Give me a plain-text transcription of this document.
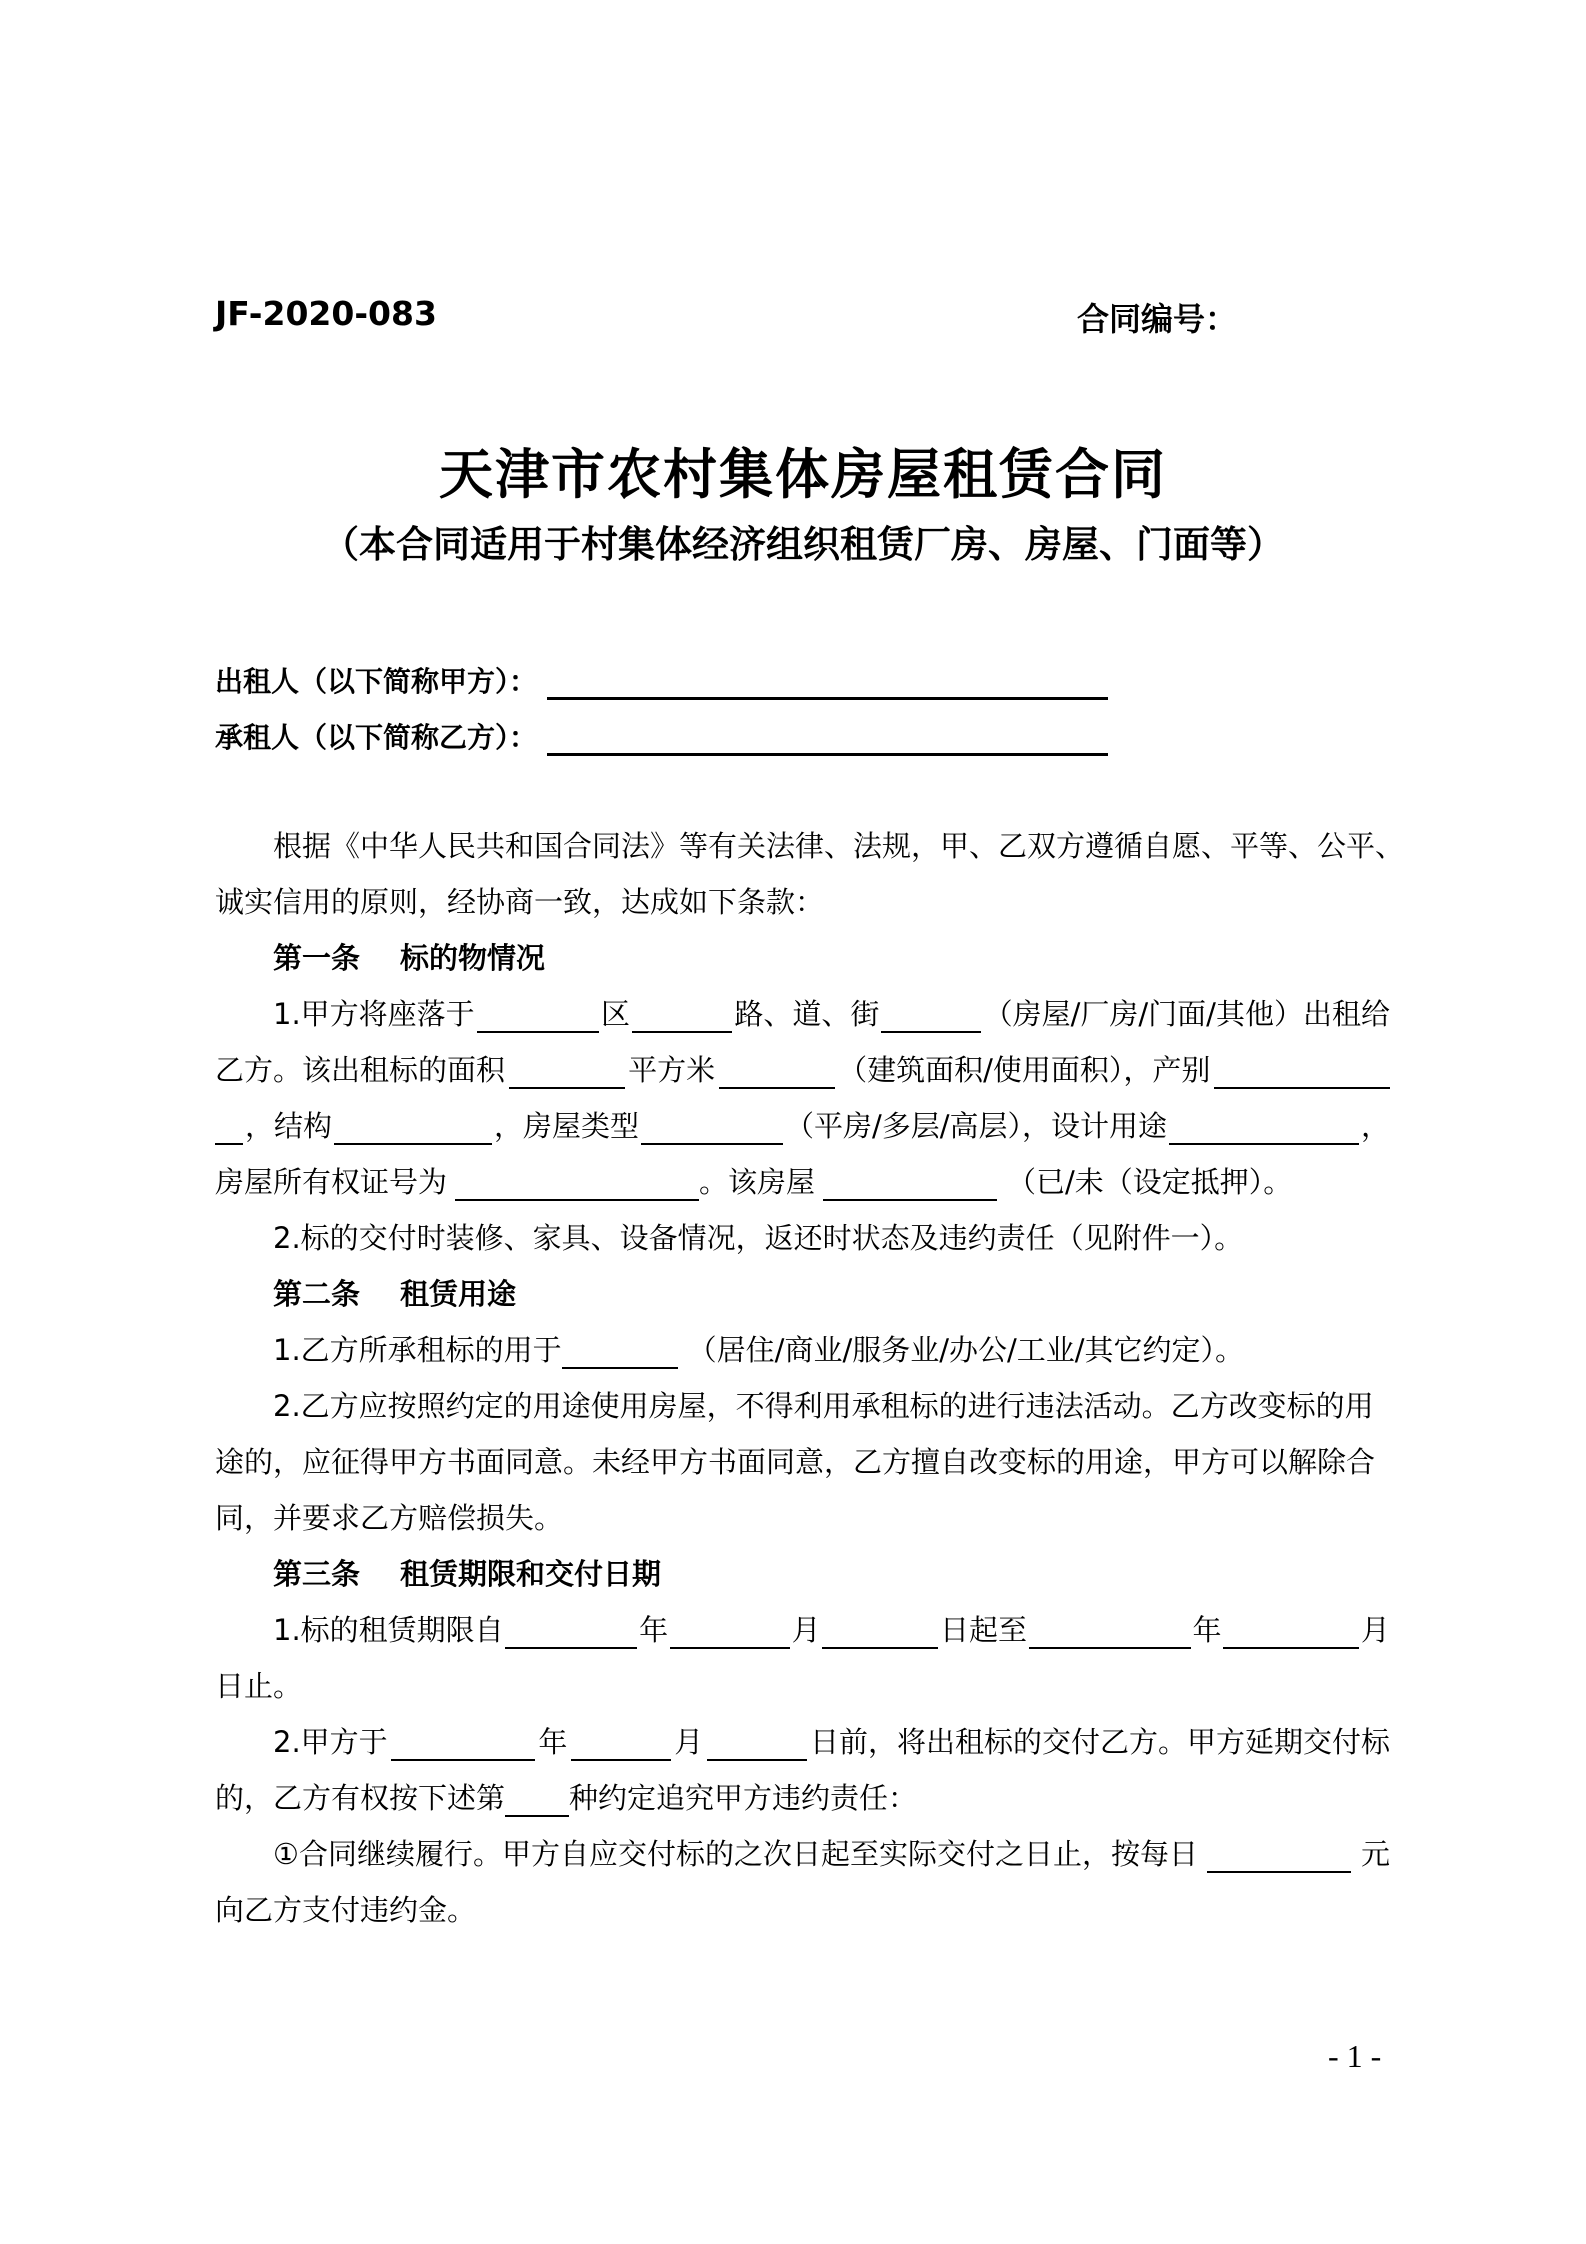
JF-2020-083	合同编号：
天津市农村集体房屋租赁合同
（本合同适用于村集体经济组织租赁厂房、房屋、门面等）
出租人（以下简称甲方）：
承租人（以下简称乙方）：
根据《中华人民共和国合同法》等有关法律、法规，甲、乙双方遵循自愿、平等、公平、
诚实信用的原则，经协商一致，达成如下条款：
第一条 标的物情况
1.甲方将座落于	区	路、道、街	（房屋/厂房/门面/其他）出租给
乙方。该出租标的面积	平方米	（建筑面积/使用面积），产别
，结构	，房屋类型	（平房/多层/高层），设计用途	，
房屋所有权证号为	。该房屋	（已/未（设定抵押）。
2.标的交付时装修、家具、设备情况，返还时状态及违约责任（见附件一）。
第二条 租赁用途
1.乙方所承租标的用于	（居住/商业/服务业/办公/工业/其它约定）。
2.乙方应按照约定的用途使用房屋，不得利用承租标的进行违法活动。乙方改变标的用
途的，应征得甲方书面同意。未经甲方书面同意，乙方擅自改变标的用途，甲方可以解除合
同，并要求乙方赔偿损失。
第三条 租赁期限和交付日期
1.标的租赁期限自	年	月	日起至	年	月
日止。
2.甲方于	年	月	日前，将出租标的交付乙方。甲方延期交付标
的，乙方有权按下述第 种约定追究甲方违约责任：
①合同继续履行。甲方自应交付标的之次日起至实际交付之日止，按每日	元
向乙方支付违约金。
- 1 -
